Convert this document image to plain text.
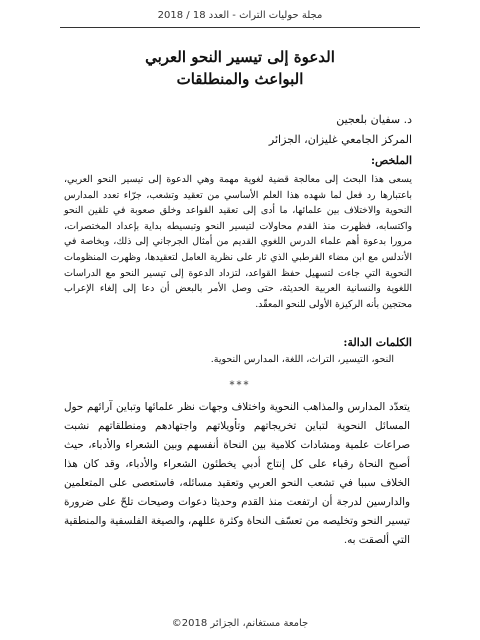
مجلة حوليات التراث - العدد 18 / 2018
الدعوة إلى تيسير النحو العربي
البواعث والمنطلقات
د. سفيان بلعجين
المركز الجامعي غليزان، الجزائر
الملخص:
يسعى هذا البحث إلى معالجة قضية لغوية مهمة وهي الدعوة إلى تيسير النحو العربي، باعتبارها رد فعل لما شهده هذا العلم الأساسي من تعقيد وتشعب، جرّاء تعدد المدارس النحوية والاختلاف بين علمائها، ما أدى إلى تعقيد القواعد وخلق صعوبة في تلقين النحو واكتسابه، فظهرت منذ القدم محاولات لتيسير النحو وتبسيطه بداية بإعداد المختصرات، مرورا بدعوة أهم علماء الدرس اللغوي القديم من أمثال الجرجاني إلى ذلك، وبخاصة في الأندلس مع ابن مضاء القرطبي الذي ثار على نظرية العامل لتعقيدها، وظهرت المنظومات النحوية التي جاءت لتسهيل حفظ القواعد، لتزداد الدعوة إلى تيسير النحو مع الدراسات اللغوية والنسانية العربية الحديثة، حتى وصل الأمر بالبعض أن دعا إلى إلغاء الإعراب محتجين بأنه الركيزة الأولى للنحو المعقّد.
الكلمات الدالة:
النحو، التيسير، التراث، اللغة، المدارس النحوية.
***
يتعدّد المدارس والمذاهب النحوية واختلاف وجهات نظر علمائها وتباين آرائهم حول المسائل النحوية لتباين تخريجاتهم وتأويلاتهم واجتهادهم ومنطلقاتهم نشبت صراعات علمية ومشادات كلامية بين النحاة أنفسهم وبين الشعراء والأدباء، حيث أصبح النحاة رقباء على كل إنتاج أدبي يخطئون الشعراء والأدباء، وقد كان هذا الخلاف سببا في تشعب النحو العربي وتعقيد مسائله، فاستعصى على المتعلمين والدارسين لدرجة أن ارتفعت منذ القدم وحديثا دعوات وصيحات تلحّ على ضرورة تيسير النحو وتخليصه من تعسّف النحاة وكثرة عللهم، والصيغة الفلسفية والمنطقية التي ألصقت به.
جامعة مستغانم، الجزائر 2018©
